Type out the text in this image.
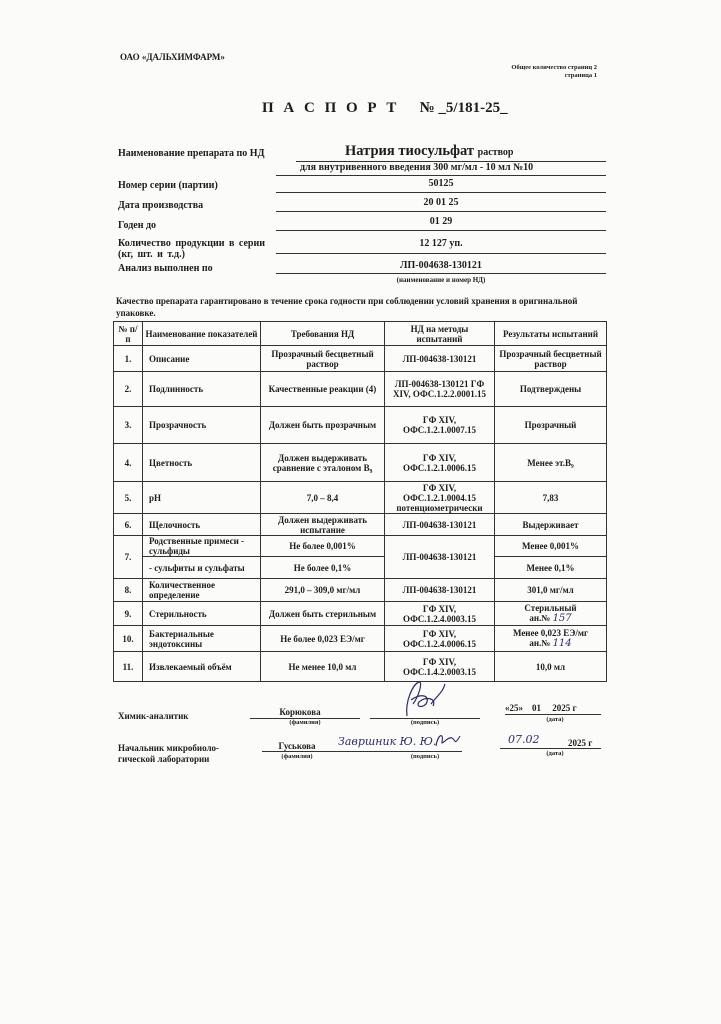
ОАО «ДАЛЬХИМФАРМ»
Общее количество страниц 2
страница 1
П А С П О Р Т № _5/181-25_
Наименование препарата по НД	Натрия тиосульфат раствор
для внутривенного введения 300 мг/мл - 10 мл №10
Номер серии (партии)	50125
Дата производства	20 01 25
Годен до	01 29
Количество продукции в серии
(кг, шт. и т.д.)
12 127 уп.
Анализ выполнен по	ЛП-004638-130121
(наименование и номер НД)
Качество препарата гарантировано в течение срока годности при соблюдении условий хранения в оригинальной упаковке.
№ п/п	Наименование показателей	Требования НД	НД на методы испытаний	Результаты испытаний
1.	Описание	Прозрачный бесцветный раствор	ЛП-004638-130121	Прозрачный бесцветный раствор
2.	Подлинность	Качественные реакции (4)	ЛП-004638-130121 ГФ XIV, ОФС.1.2.2.0001.15	Подтверждены
3.	Прозрачность	Должен быть прозрачным	ГФ XIV, ОФС.1.2.1.0007.15	Прозрачный
4.	Цветность	Должен выдерживать сравнение с эталоном B₉	ГФ XIV, ОФС.1.2.1.0006.15	Менее эт.B₉
5.	pH	7,0 – 8,4	ГФ XIV, ОФС.1.2.1.0004.15 потенциометрически	7,83
6.	Щелочность	Должен выдерживать испытание	ЛП-004638-130121	Выдерживает
7.	Родственные примеси - сульфиды	Не более 0,001%	ЛП-004638-130121	Менее 0,001%
	- сульфиты и сульфаты	Не более 0,1%		Менее 0,1%
8.	Количественное определение	291,0 – 309,0 мг/мл	ЛП-004638-130121	301,0 мг/мл
9.	Стерильность	Должен быть стерильным	ГФ XIV, ОФС.1.2.4.0003.15	Стерильный
ан.№ 157

10.	Бактериальные эндотоксины	Не более 0,023 ЕЭ/мг	ГФ XIV, ОФС.1.2.4.0006.15	Менее 0,023 ЕЭ/мг
ан.№ 114

11.	Извлекаемый объём	Не менее 10,0 мл	ГФ XIV, ОФС.1.4.2.0003.15	10,0 мл
Химик-аналитик	Корюкова
(фамилия)	(подпись)
«25» 01 2025 г
(дата)
Начальник микробиоло-
гической лаборатории
Гуськова	Завршник Ю. Ю.
(фамилия)	(подпись)
07.02	2025 г
(дата)
